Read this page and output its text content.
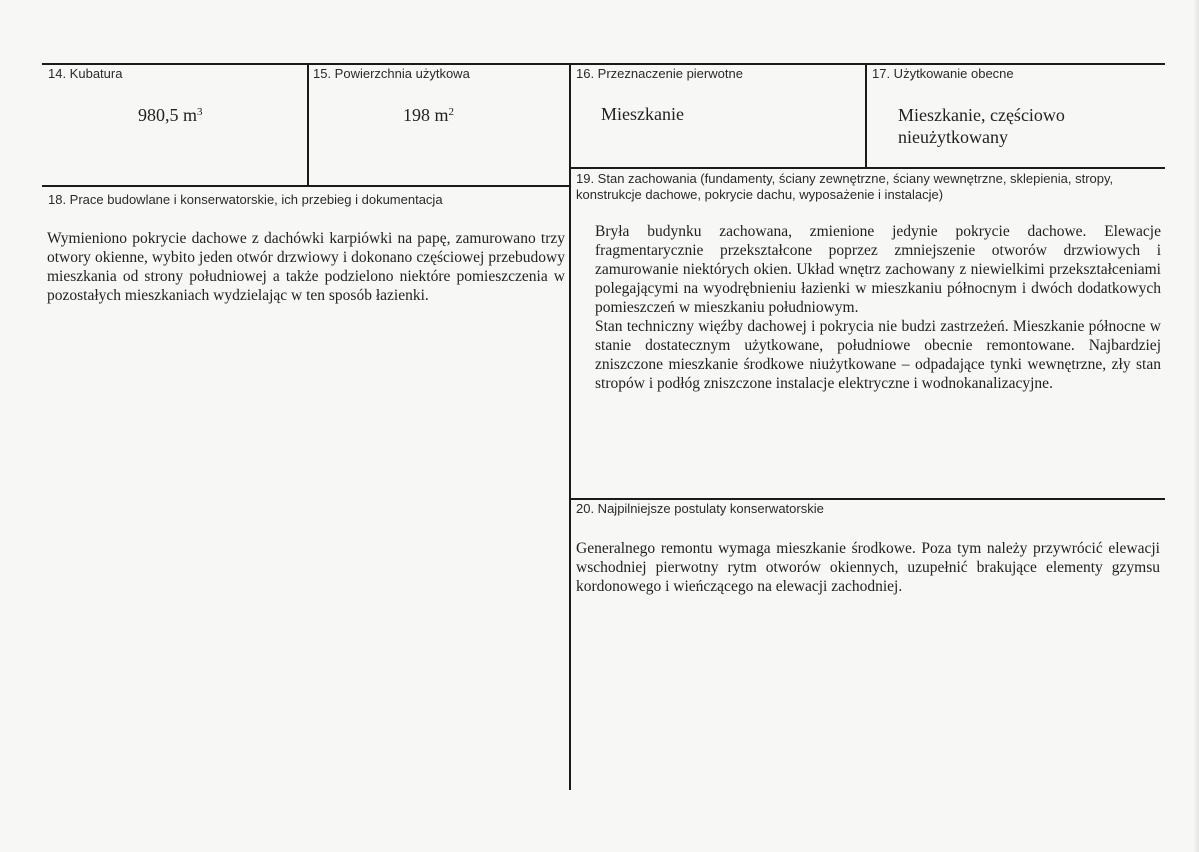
14. Kubatura
980,5 $m^3$
15. Powierzchnia użytkowa
198 $m^2$
16. Przeznaczenie pierwotne
Mieszkanie
17. Użytkowanie obecne
Mieszkanie, częściowo nieużytkowany
18. Prace budowlane i konserwatorskie, ich przebieg i dokumentacja
Wymieniono pokrycie dachowe z dachówki karpiówki na papę, zamurowano trzy otwory okienne, wybito jeden otwór drzwiowy i dokonano częściowej przebudowy mieszkania od strony południowej a także podzielono niektóre pomieszczenia w pozostałych mieszkaniach wydzielając w ten sposób łazienki.
19. Stan zachowania (fundamenty, ściany zewnętrzne, ściany wewnętrzne, sklepienia, stropy, konstrukcje dachowe, pokrycie dachu, wyposażenie i instalacje)

Bryła budynku zachowana, zmienione jedynie pokrycie dachowe. Elewacje fragmentarycznie przekształcone poprzez zmniejszenie otworów drzwiowych i zamurowanie niektórych okien. Układ wnętrz zachowany z niewielkimi przekształceniami polegającymi na wyodrębnieniu łazienki w mieszkaniu północnym i dwóch dodatkowych pomieszczeń w mieszkaniu południowym.

Stan techniczny więźby dachowej i pokrycia nie budzi zastrzeżeń. Mieszkanie północne w stanie dostatecznym użytkowane, południowe obecnie remontowane. Najbardziej zniszczone mieszkanie środkowe niużytkowane – odpadające tynki wewnętrzne, zły stan stropów i podłóg zniszczone instalacje elektryczne i wodnokanalizacyjne.

20. Najpilniejsze postulaty konserwatorskie
Generalnego remontu wymaga mieszkanie środkowe. Poza tym należy przywrócić elewacji wschodniej pierwotny rytm otworów okiennych, uzupełnić brakujące elementy gzymsu kordonowego i wieńczącego na elewacji zachodniej.
